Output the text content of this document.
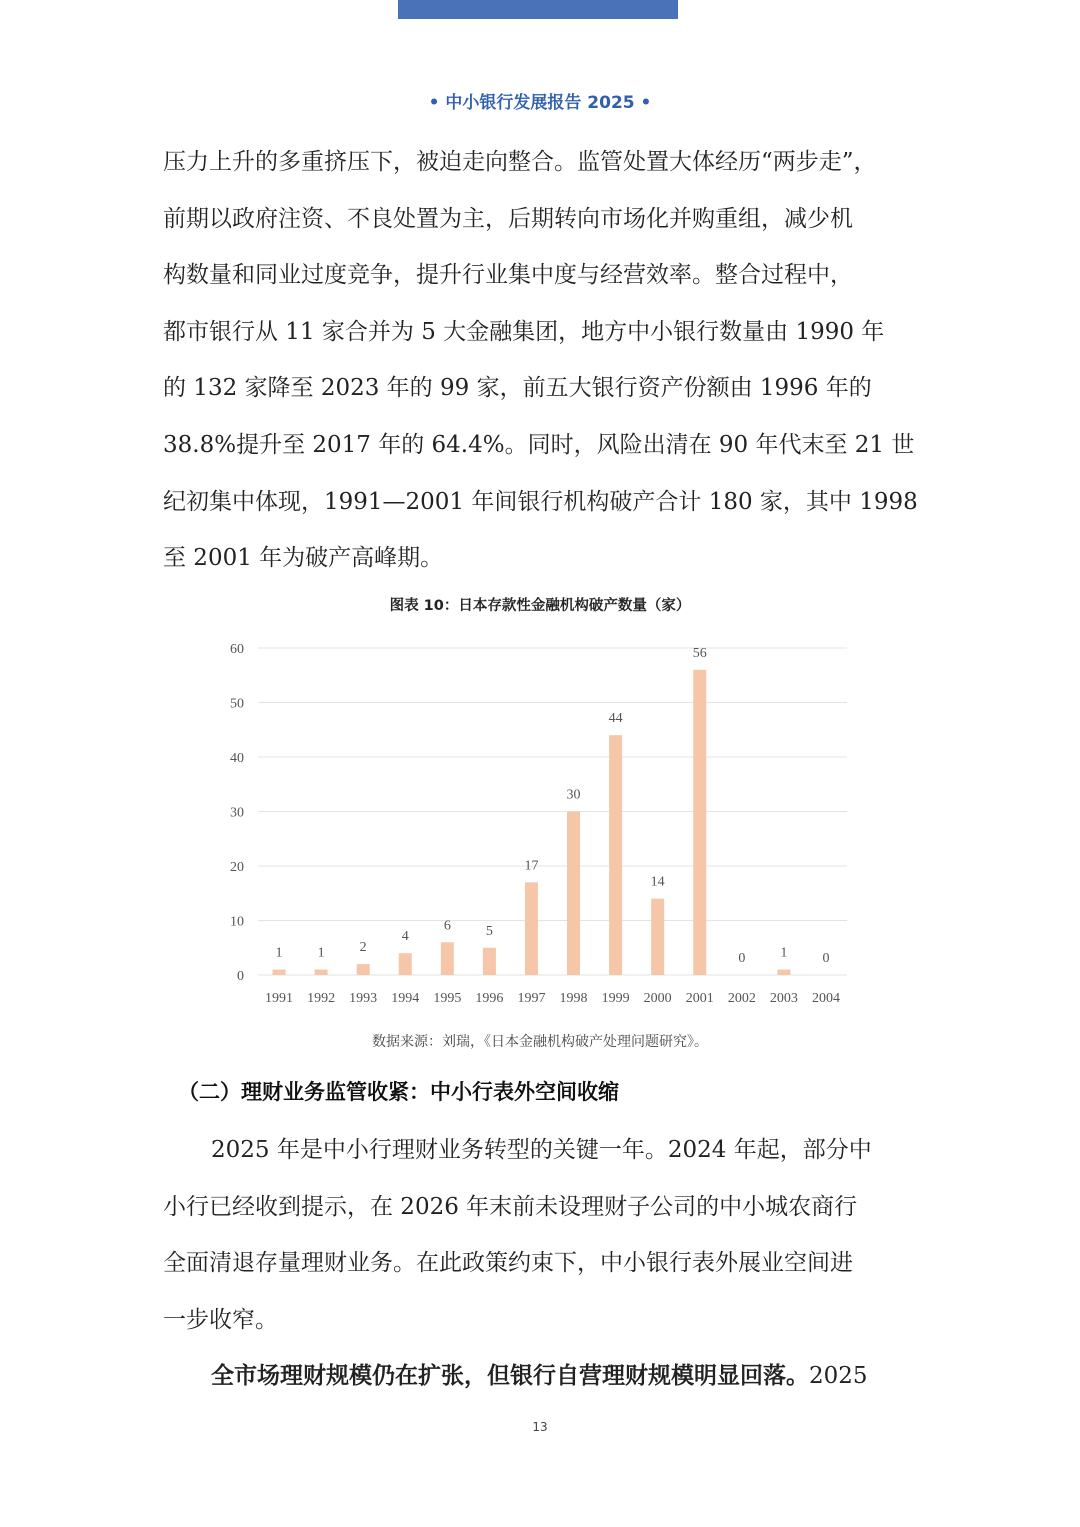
• 中小银行发展报告 2025 •
压力上升的多重挤压下，被迫走向整合。监管处置大体经历“两步走”，
前期以政府注资、不良处置为主，后期转向市场化并购重组，减少机
构数量和同业过度竞争，提升行业集中度与经营效率。整合过程中，
都市银行从 11 家合并为 5 大金融集团，地方中小银行数量由 1990 年
的 132 家降至 2023 年的 99 家，前五大银行资产份额由 1996 年的
38.8%提升至 2017 年的 64.4%。同时，风险出清在 90 年代末至 21 世
纪初集中体现，1991—2001 年间银行机构破产合计 180 家，其中 1998
至 2001 年为破产高峰期。
图表 10：日本存款性金融机构破产数量（家）
0
10
20
30
40
50
60
1
1991
1
1992
2
1993
4
1994
6
1995
5
1996
17
1997
30
1998
44
1999
14
2000
56
2001
0
2002
1
2003
0
2004
数据来源：刘瑞，《日本金融机构破产处理问题研究》。
（二）理财业务监管收紧：中小行表外空间收缩
2025 年是中小行理财业务转型的关键一年。2024 年起，部分中
小行已经收到提示，在 2026 年末前未设理财子公司的中小城农商行
全面清退存量理财业务。在此政策约束下，中小银行表外展业空间进
一步收窄。
全市场理财规模仍在扩张，但银行自营理财规模明显回落。2025
13
